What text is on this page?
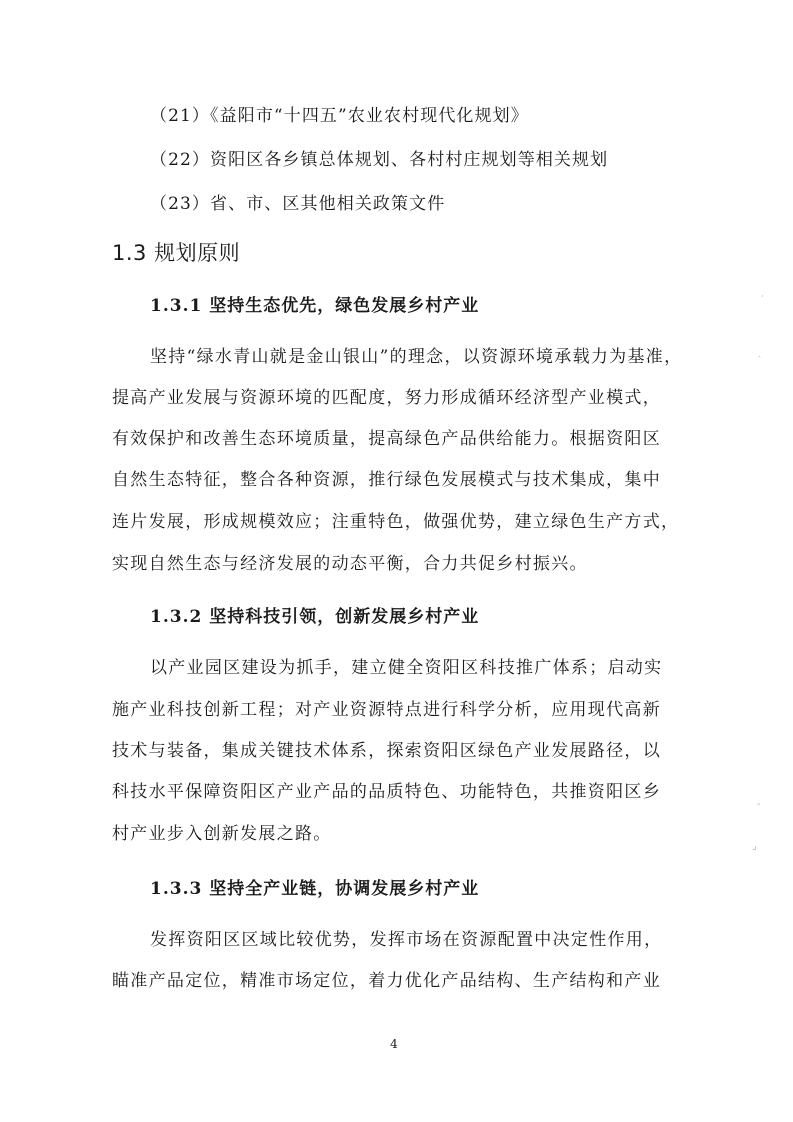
（21）《益阳市“十四五”农业农村现代化规划》
（22）资阳区各乡镇总体规划、各村村庄规划等相关规划
（23）省、市、区其他相关政策文件
1.3 规划原则
1.3.1 坚持生态优先，绿色发展乡村产业
坚持“绿水青山就是金山银山”的理念，以资源环境承载力为基准，
提高产业发展与资源环境的匹配度，努力形成循环经济型产业模式，
有效保护和改善生态环境质量，提高绿色产品供给能力。根据资阳区
自然生态特征，整合各种资源，推行绿色发展模式与技术集成，集中
连片发展，形成规模效应；注重特色，做强优势，建立绿色生产方式，
实现自然生态与经济发展的动态平衡，合力共促乡村振兴。
1.3.2 坚持科技引领，创新发展乡村产业
以产业园区建设为抓手，建立健全资阳区科技推广体系；启动实
施产业科技创新工程；对产业资源特点进行科学分析，应用现代高新
技术与装备，集成关键技术体系，探索资阳区绿色产业发展路径，以
科技水平保障资阳区产业产品的品质特色、功能特色，共推资阳区乡
村产业步入创新发展之路。
1.3.3 坚持全产业链，协调发展乡村产业
发挥资阳区区域比较优势，发挥市场在资源配置中决定性作用，
瞄准产品定位，精准市场定位，着力优化产品结构、生产结构和产业
4
˙
ˎ
-
⌟
